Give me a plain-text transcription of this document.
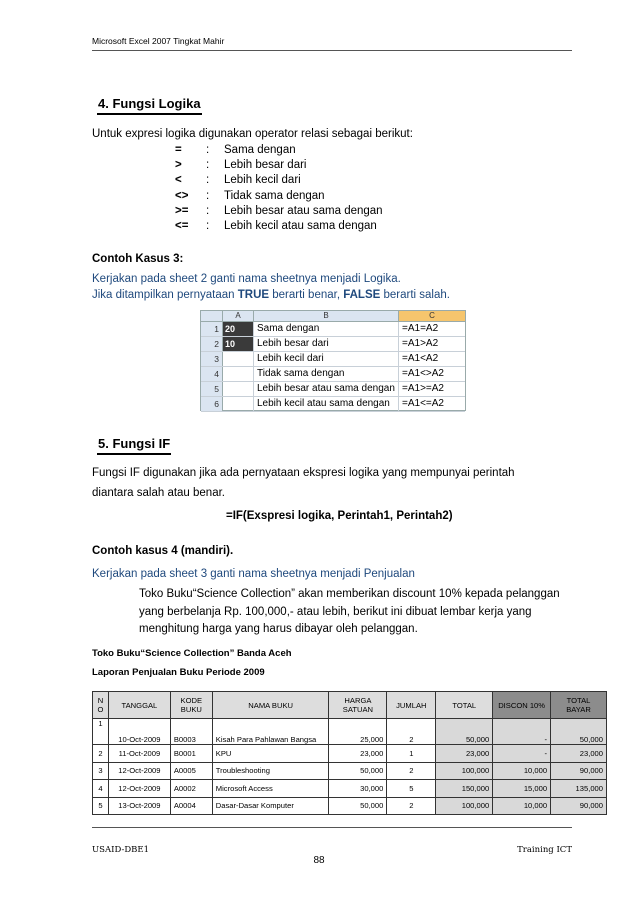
Microsoft Excel 2007 Tingkat Mahir
4. Fungsi Logika
Untuk expresi logika digunakan operator relasi sebagai berikut:
=	:	Sama dengan
>	:	Lebih besar dari
<	:	Lebih kecil dari
<>	:	Tidak sama dengan
>=	:	Lebih besar atau sama dengan
<=	:	Lebih kecil atau sama dengan
Contoh Kasus 3:
Kerjakan pada sheet 2 ganti nama sheetnya menjadi Logika.
Jika ditampilkan pernyataan TRUE berarti benar, FALSE berarti salah.
A	B	C
1 20	Sama dengan	=A1=A2
2 10	Lebih besar dari	=A1>A2
3	Lebih kecil dari	=A1<A2
4	Tidak sama dengan	=A1<>A2
5	Lebih besar atau sama dengan =A1>=A2
6	Lebih kecil atau sama dengan	=A1<=A2
5. Fungsi IF
Fungsi IF digunakan jika ada pernyataan ekspresi logika yang mempunyai perintah
diantara salah atau benar.
=IF(Exspresi logika, Perintah1, Perintah2)
Contoh kasus 4 (mandiri).
Kerjakan pada sheet 3 ganti nama sheetnya menjadi Penjualan
Toko Buku“Science Collection” akan memberikan discount 10% kepada pelanggan
yang berbelanja Rp. 100,000,- atau lebih, berikut ini dibuat lembar kerja yang
menghitung harga yang harus dibayar oleh pelanggan.
Toko Buku“Science Collection” Banda Aceh
Laporan Penjualan Buku Periode 2009
N O	TANGGAL	KODE BUKU	NAMA BUKU	HARGA SATUAN	JUMLAH	TOTAL	DISCON 10%	TOTAL BAYAR
1	10-Oct-2009	B0003	Kisah Para Pahlawan Bangsa	25,000	2	50,000	-	50,000
2	11-Oct-2009	B0001	KPU	23,000	1	23,000	-	23,000
3	12-Oct-2009	A0005	Troubleshooting	50,000	2	100,000	10,000	90,000
4	12-Oct-2009	A0002	Microsoft Access	30,000	5	150,000	15,000	135,000
5	13-Oct-2009	A0004	Dasar-Dasar Komputer	50,000	2	100,000	10,000	90,000
USAID-DBE1	Training ICT
88
